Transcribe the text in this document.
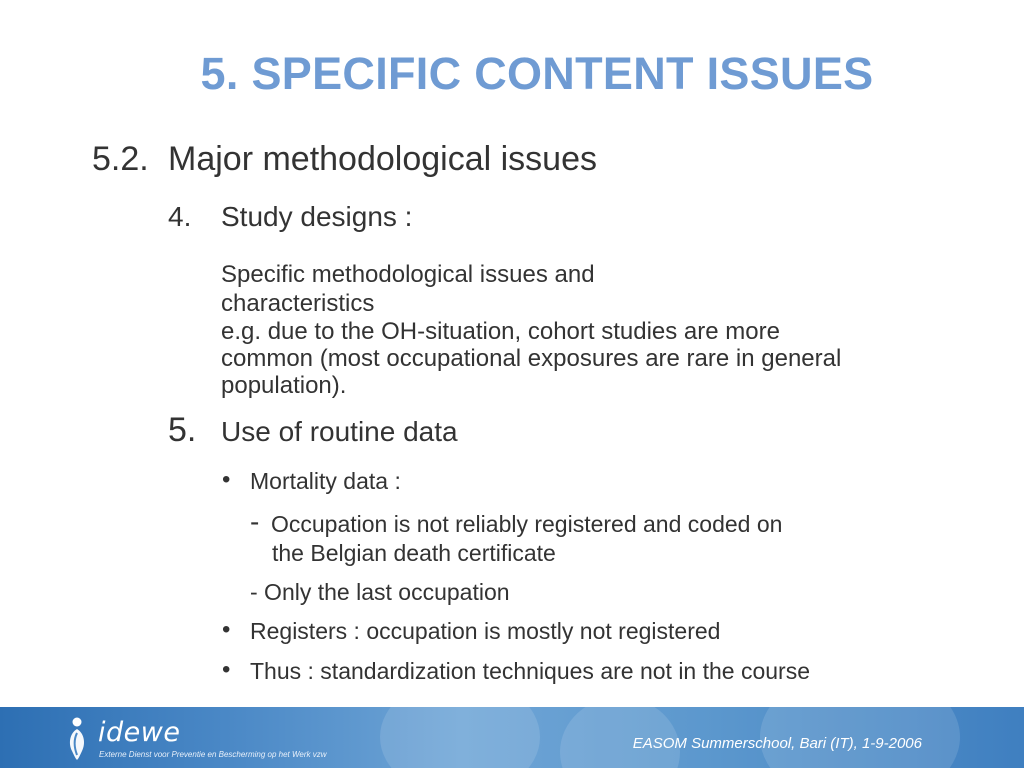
5. SPECIFIC CONTENT ISSUES
5.2. Major methodological issues
4. Study designs :
Specific methodological issues and
characteristics
e.g. due to the OH-situation, cohort studies are more
common (most occupational exposures are rare in general
population).
5. Use of routine data
• Mortality data :
- Occupation is not reliably registered and coded on
the Belgian death certificate
- Only the last occupation
• Registers : occupation is mostly not registered
• Thus : standardization techniques are not in the course
idewe
Externe Dienst voor Preventie en Bescherming op het Werk vzw
EASOM Summerschool, Bari (IT), 1-9-2006
